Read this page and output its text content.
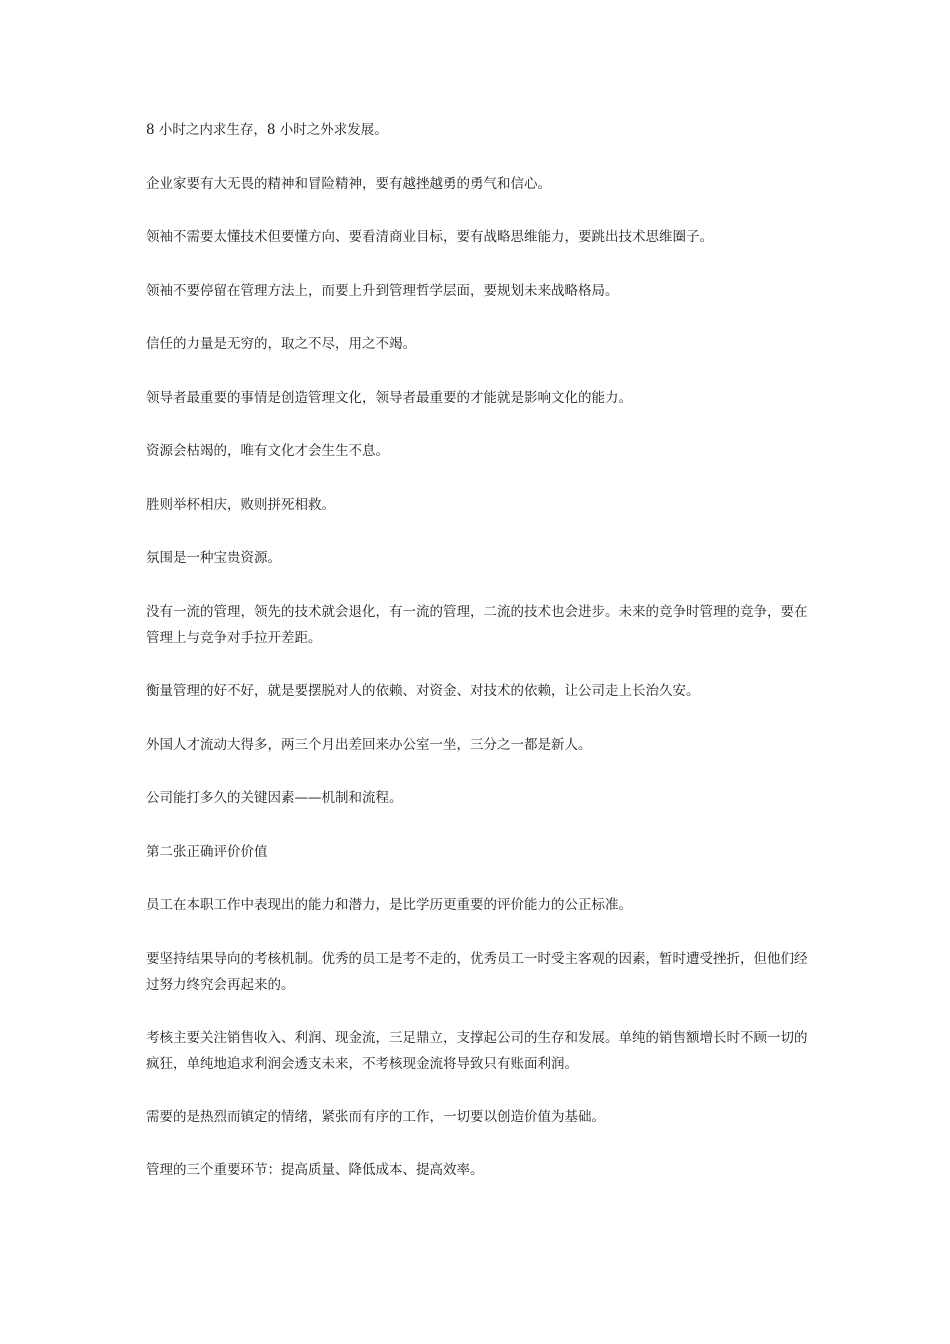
8 小时之内求生存，8 小时之外求发展。

企业家要有大无畏的精神和冒险精神，要有越挫越勇的勇气和信心。

领袖不需要太懂技术但要懂方向、要看清商业目标，要有战略思维能力，要跳出技术思维圈子。

领袖不要停留在管理方法上，而要上升到管理哲学层面，要规划未来战略格局。

信任的力量是无穷的，取之不尽，用之不竭。

领导者最重要的事情是创造管理文化，领导者最重要的才能就是影响文化的能力。

资源会枯竭的，唯有文化才会生生不息。

胜则举杯相庆，败则拼死相救。

氛围是一种宝贵资源。

没有一流的管理，领先的技术就会退化，有一流的管理，二流的技术也会进步。未来的竞争时管理的竞争，要在管理上与竞争对手拉开差距。

衡量管理的好不好，就是要摆脱对人的依赖、对资金、对技术的依赖，让公司走上长治久安。

外国人才流动大得多，两三个月出差回来办公室一坐，三分之一都是新人。

公司能打多久的关键因素——机制和流程。

第二张正确评价价值

员工在本职工作中表现出的能力和潜力，是比学历更重要的评价能力的公正标准。

要坚持结果导向的考核机制。优秀的员工是考不走的，优秀员工一时受主客观的因素，暂时遭受挫折，但他们经过努力终究会再起来的。

考核主要关注销售收入、利润、现金流，三足鼎立，支撑起公司的生存和发展。单纯的销售额增长时不顾一切的疯狂，单纯地追求利润会透支未来，不考核现金流将导致只有账面利润。

需要的是热烈而镇定的情绪，紧张而有序的工作，一切要以创造价值为基础。

管理的三个重要环节：提高质量、降低成本、提高效率。
